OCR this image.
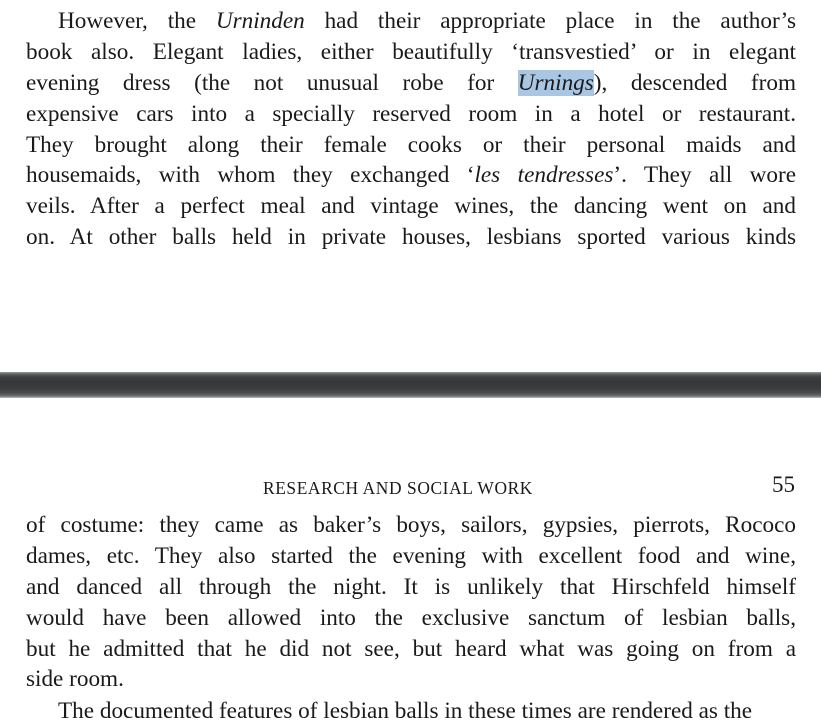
However, the Urninden had their appropriate place in the author’s
book also. Elegant ladies, either beautifully ‘transvestied’ or in elegant
evening dress (the not unusual robe for Urnings), descended from
expensive cars into a specially reserved room in a hotel or restaurant.
They brought along their female cooks or their personal maids and
housemaids, with whom they exchanged ‘les tendresses’. They all wore
veils. After a perfect meal and vintage wines, the dancing went on and
on. At other balls held in private houses, lesbians sported various kinds
RESEARCH AND SOCIAL WORK	55
of costume: they came as baker’s boys, sailors, gypsies, pierrots, Rococo
dames, etc. They also started the evening with excellent food and wine,
and danced all through the night. It is unlikely that Hirschfeld himself
would have been allowed into the exclusive sanctum of lesbian balls,
but he admitted that he did not see, but heard what was going on from a
side room.
The documented features of lesbian balls in these times are rendered as the
